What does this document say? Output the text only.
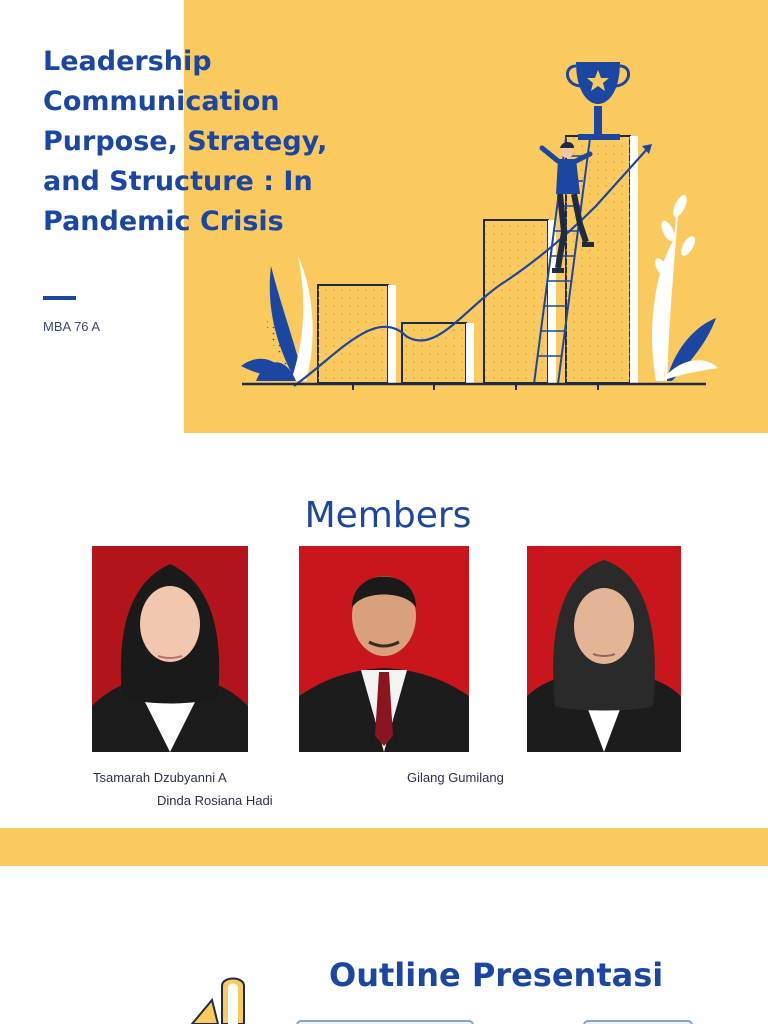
Leadership
Communication
Purpose, Strategy,
and Structure : In
Pandemic Crisis
MBA 76 A
Members
Tsamarah Dzubyanni A	Gilang Gumilang
Dinda Rosiana Hadi
Outline Presentasi
